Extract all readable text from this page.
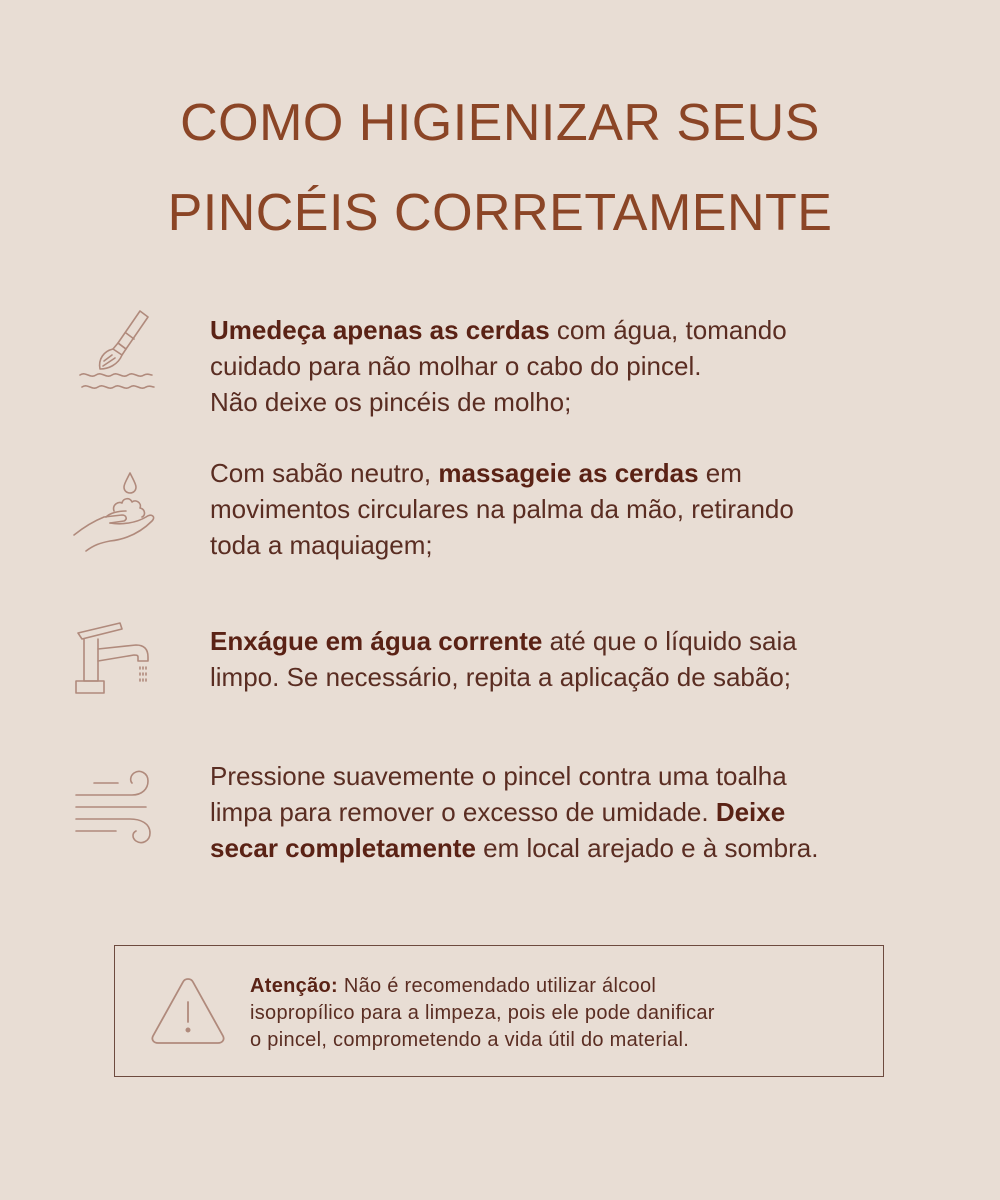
COMO HIGIENIZAR SEUS
PINCÉIS CORRETAMENTE

Umedeça apenas as cerdas com água, tomando

cuidado para não molhar o cabo do pincel.

Não deixe os pincéis de molho;

Com sabão neutro, massageie as cerdas em

movimentos circulares na palma da mão, retirando

toda a maquiagem;

Enxágue em água corrente até que o líquido saia

limpo. Se necessário, repita a aplicação de sabão;

Pressione suavemente o pincel contra uma toalha

limpa para remover o excesso de umidade. Deixe

secar completamente em local arejado e à sombra.

Atenção: Não é recomendado utilizar álcool
isopropílico para a limpeza, pois ele pode danificar
o pincel, comprometendo a vida útil do material.
